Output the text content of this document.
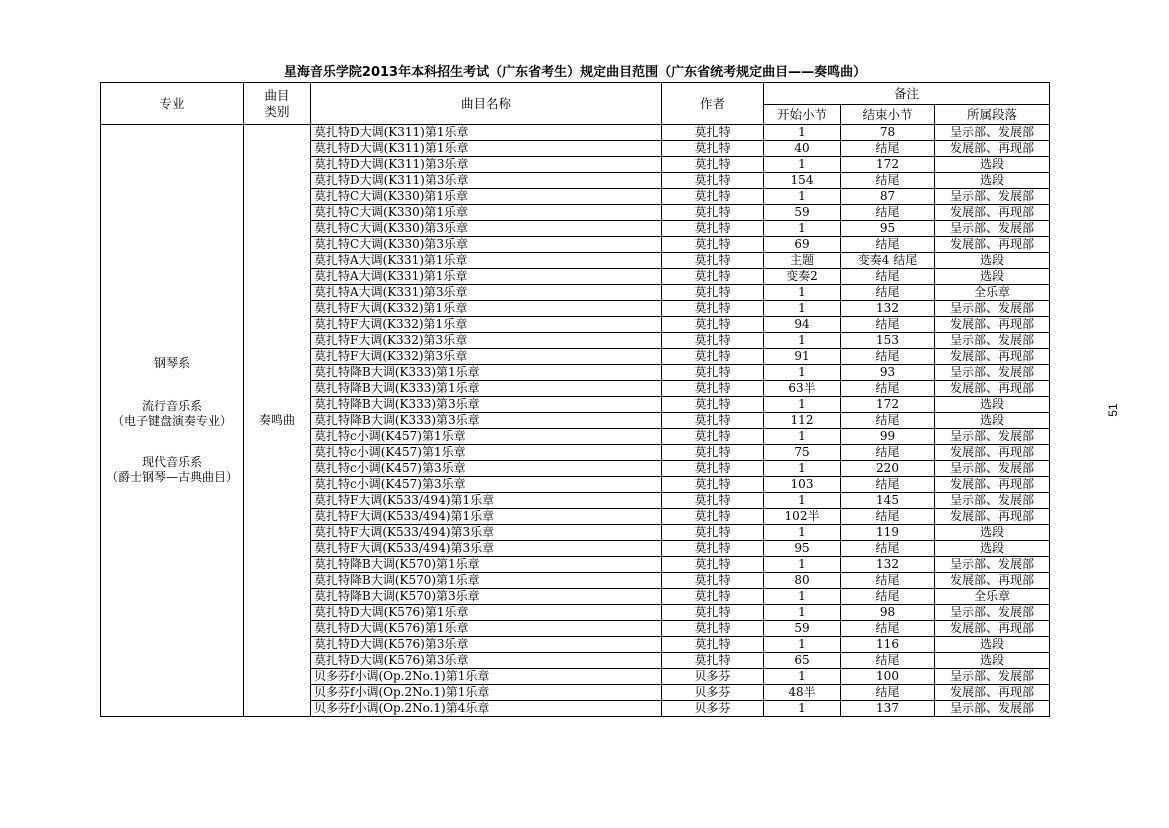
星海音乐学院2013年本科招生考试（广东省考生）规定曲目范围（广东省统考规定曲目——奏鸣曲）
专业	曲目
类别	曲目名称	作者	备注		
				开始小节	结束小节	所属段落

钢琴系
流行音乐系
（电子键盘演奏专业）
现代音乐系
（爵士钢琴—古典曲目）	奏鸣曲	莫扎特D大调(K311)第1乐章	莫扎特	1	78	呈示部、发展部
		莫扎特D大调(K311)第1乐章	莫扎特	40	结尾	发展部、再现部
		莫扎特D大调(K311)第3乐章	莫扎特	1	172	选段
		莫扎特D大调(K311)第3乐章	莫扎特	154	结尾	选段
		莫扎特C大调(K330)第1乐章	莫扎特	1	87	呈示部、发展部
		莫扎特C大调(K330)第1乐章	莫扎特	59	结尾	发展部、再现部
		莫扎特C大调(K330)第3乐章	莫扎特	1	95	呈示部、发展部
		莫扎特C大调(K330)第3乐章	莫扎特	69	结尾	发展部、再现部
		莫扎特A大调(K331)第1乐章	莫扎特	主题	变奏4 结尾	选段
		莫扎特A大调(K331)第1乐章	莫扎特	变奏2	结尾	选段
		莫扎特A大调(K331)第3乐章	莫扎特	1	结尾	全乐章
		莫扎特F大调(K332)第1乐章	莫扎特	1	132	呈示部、发展部
		莫扎特F大调(K332)第1乐章	莫扎特	94	结尾	发展部、再现部
		莫扎特F大调(K332)第3乐章	莫扎特	1	153	呈示部、发展部
		莫扎特F大调(K332)第3乐章	莫扎特	91	结尾	发展部、再现部
		莫扎特降B大调(K333)第1乐章	莫扎特	1	93	呈示部、发展部
		莫扎特降B大调(K333)第1乐章	莫扎特	63半	结尾	发展部、再现部
		莫扎特降B大调(K333)第3乐章	莫扎特	1	172	选段
		莫扎特降B大调(K333)第3乐章	莫扎特	112	结尾	选段
		莫扎特c小调(K457)第1乐章	莫扎特	1	99	呈示部、发展部
		莫扎特c小调(K457)第1乐章	莫扎特	75	结尾	发展部、再现部
		莫扎特c小调(K457)第3乐章	莫扎特	1	220	呈示部、发展部
		莫扎特c小调(K457)第3乐章	莫扎特	103	结尾	发展部、再现部
		莫扎特F大调(K533/494)第1乐章	莫扎特	1	145	呈示部、发展部
		莫扎特F大调(K533/494)第1乐章	莫扎特	102半	结尾	发展部、再现部
		莫扎特F大调(K533/494)第3乐章	莫扎特	1	119	选段
		莫扎特F大调(K533/494)第3乐章	莫扎特	95	结尾	选段
		莫扎特降B大调(K570)第1乐章	莫扎特	1	132	呈示部、发展部
		莫扎特降B大调(K570)第1乐章	莫扎特	80	结尾	发展部、再现部
		莫扎特降B大调(K570)第3乐章	莫扎特	1	结尾	全乐章
		莫扎特D大调(K576)第1乐章	莫扎特	1	98	呈示部、发展部
		莫扎特D大调(K576)第1乐章	莫扎特	59	结尾	发展部、再现部
		莫扎特D大调(K576)第3乐章	莫扎特	1	116	选段
		莫扎特D大调(K576)第3乐章	莫扎特	65	结尾	选段
		贝多芬f小调(Op.2No.1)第1乐章	贝多芬	1	100	呈示部、发展部
		贝多芬f小调(Op.2No.1)第1乐章	贝多芬	48半	结尾	发展部、再现部
		贝多芬f小调(Op.2No.1)第4乐章	贝多芬	1	137	呈示部、发展部
51
